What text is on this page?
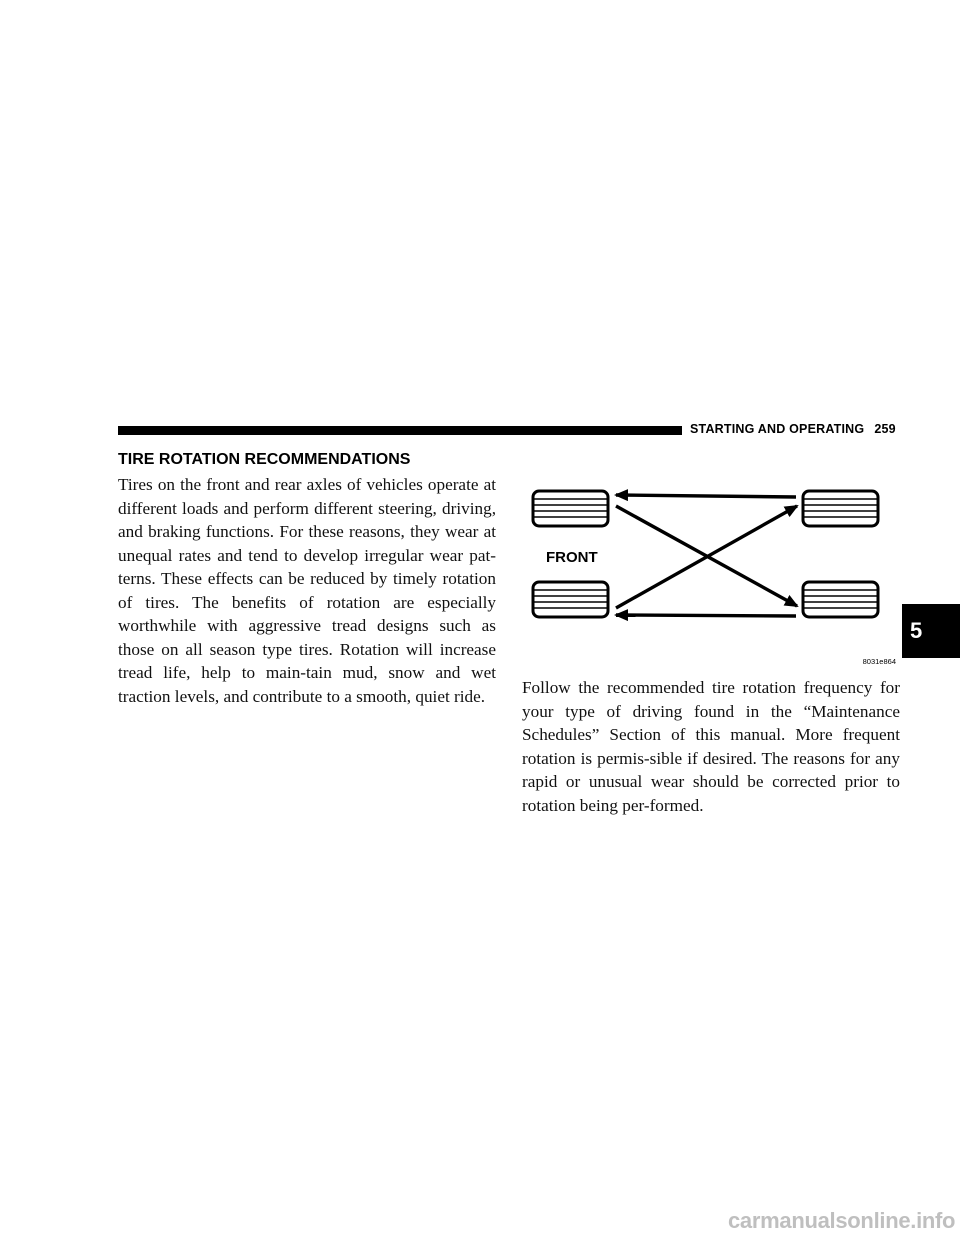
STARTING AND OPERATING 259
TIRE ROTATION RECOMMENDATIONS
Tires on the front and rear axles of vehicles operate at different loads and perform different steering, driving, and braking functions. For these reasons, they wear at unequal rates and tend to develop irregular wear pat-terns. These effects can be reduced by timely rotation of tires. The benefits of rotation are especially worthwhile with aggressive tread designs such as those on all season type tires. Rotation will increase tread life, help to main-tain mud, snow and wet traction levels, and contribute to a smooth, quiet ride.
FRONT
8031e864
Follow the recommended tire rotation frequency for your type of driving found in the “Maintenance Schedules” Section of this manual. More frequent rotation is permis-sible if desired. The reasons for any rapid or unusual wear should be corrected prior to rotation being per-formed.
5
carmanualsonline.info
